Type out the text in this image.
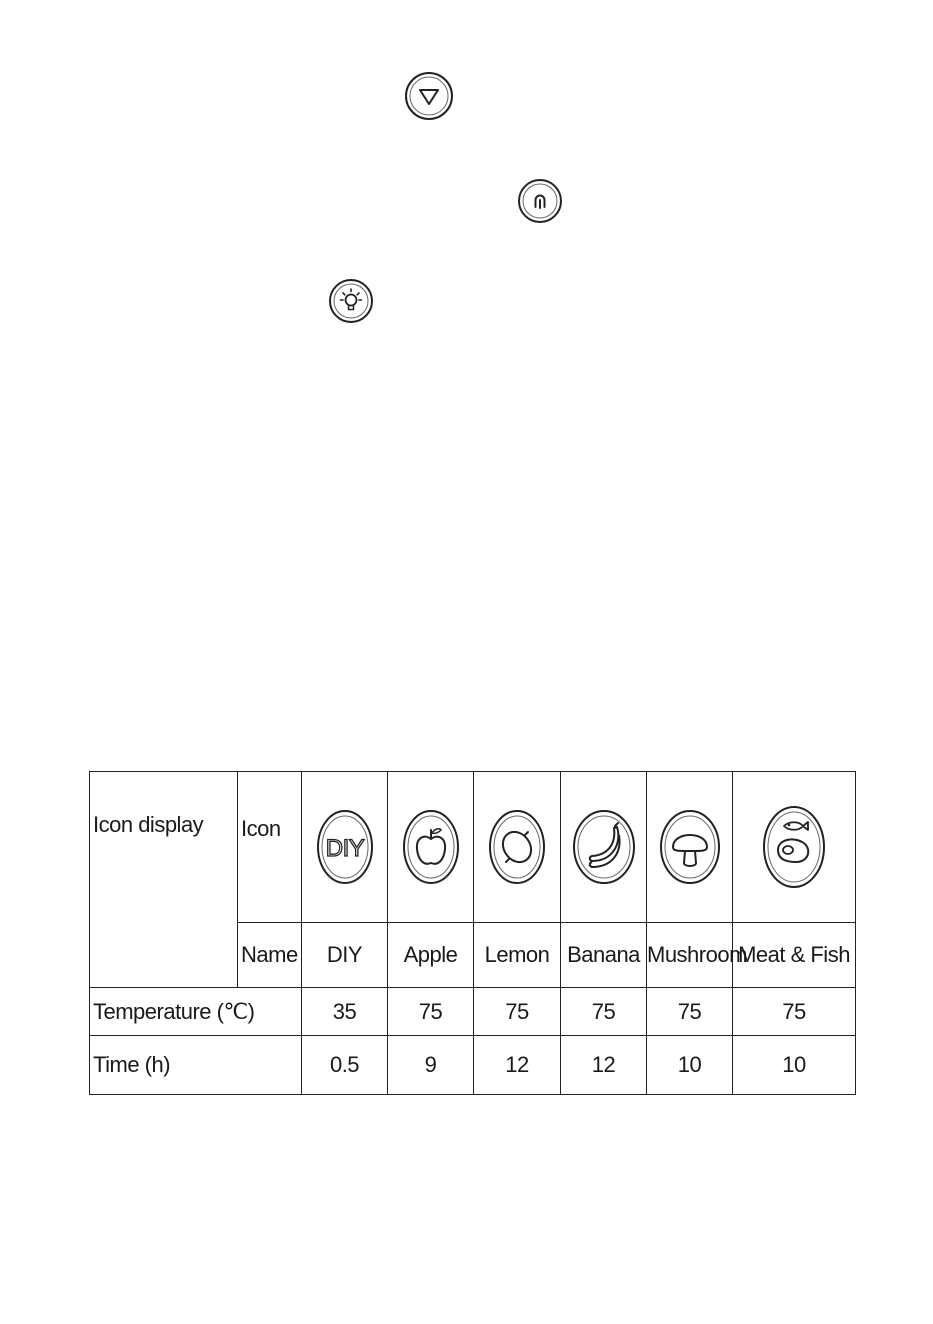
Icon display	Icon	DIY

	Name	DIY	Apple	Lemon	Banana	Mushroom	Meat & Fish
Temperature (℃)		35	75	75	75	75	75
Time (h)		0.5	9	12	12	10	10
